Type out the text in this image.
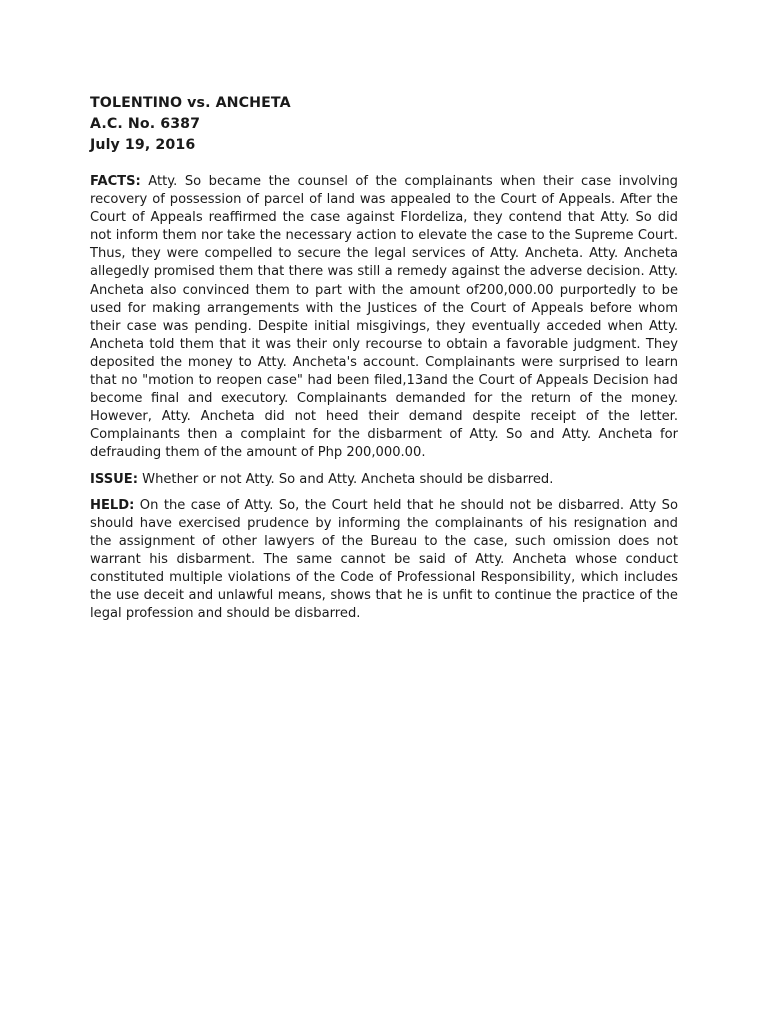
TOLENTINO vs. ANCHETA

A.C. No. 6387

July 19, 2016

FACTS: Atty. So became the counsel of the complainants when their case involving recovery of possession of parcel of land was appealed to the Court of Appeals. After the Court of Appeals reaffirmed the case against Flordeliza, they contend that Atty. So did not inform them nor take the necessary action to elevate the case to the Supreme Court. Thus, they were compelled to secure the legal services of Atty. Ancheta. Atty. Ancheta allegedly promised them that there was still a remedy against the adverse decision. Atty. Ancheta also convinced them to part with the amount of200,000.00 purportedly to be used for making arrangements with the Justices of the Court of Appeals before whom their case was pending. Despite initial misgivings, they eventually acceded when Atty. Ancheta told them that it was their only recourse to obtain a favorable judgment. They deposited the money to Atty. Ancheta's account. Complainants were surprised to learn that no "motion to reopen case" had been filed,13and the Court of Appeals Decision had become final and executory. Complainants demanded for the return of the money. However, Atty. Ancheta did not heed their demand despite receipt of the letter. Complainants then a complaint for the disbarment of Atty. So and Atty. Ancheta for defrauding them of the amount of Php 200,000.00.

ISSUE: Whether or not Atty. So and Atty. Ancheta should be disbarred.

HELD: On the case of Atty. So, the Court held that he should not be disbarred. Atty So should have exercised prudence by informing the complainants of his resignation and the assignment of other lawyers of the Bureau to the case, such omission does not warrant his disbarment. The same cannot be said of Atty. Ancheta whose conduct constituted multiple violations of the Code of Professional Responsibility, which includes the use deceit and unlawful means, shows that he is unfit to continue the practice of the legal profession and should be disbarred.
